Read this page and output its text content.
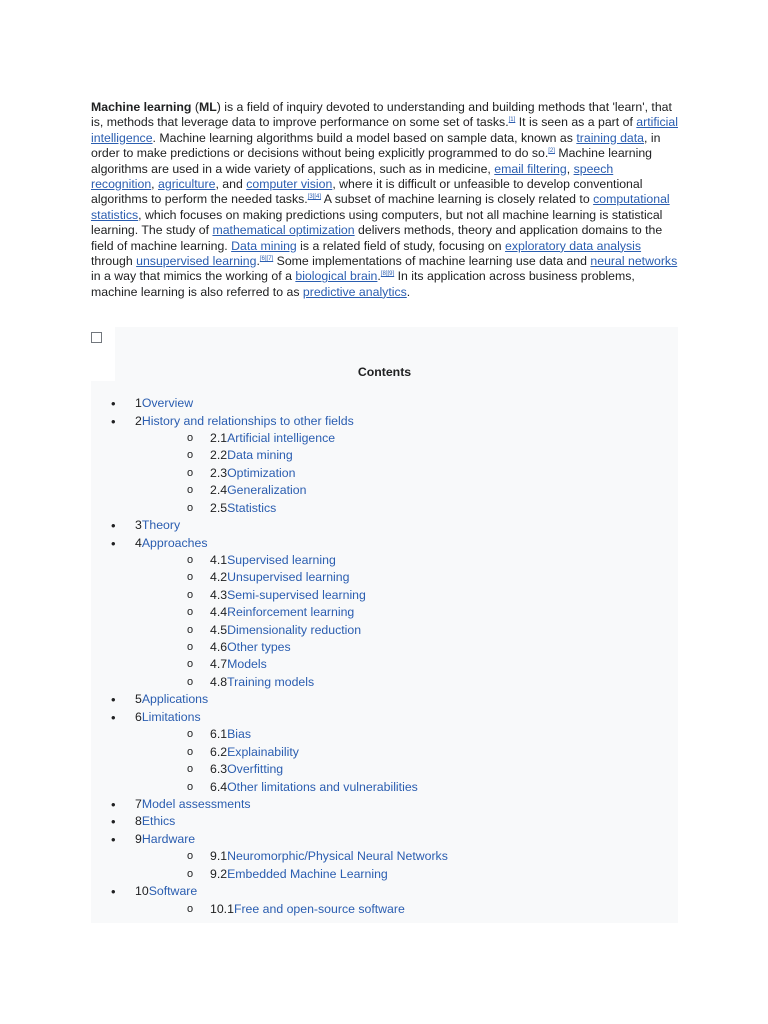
Machine learning (ML) is a field of inquiry devoted to understanding and building methods that 'learn', that is, methods that leverage data to improve performance on some set of tasks.[1] It is seen as a part of artificial intelligence. Machine learning algorithms build a model based on sample data, known as training data, in order to make predictions or decisions without being explicitly programmed to do so.[2] Machine learning algorithms are used in a wide variety of applications, such as in medicine, email filtering, speech recognition, agriculture, and computer vision, where it is difficult or unfeasible to develop conventional algorithms to perform the needed tasks.[3][4] A subset of machine learning is closely related to computational statistics, which focuses on making predictions using computers, but not all machine learning is statistical learning. The study of mathematical optimization delivers methods, theory and application domains to the field of machine learning. Data mining is a related field of study, focusing on exploratory data analysis through unsupervised learning.[6][7] Some implementations of machine learning use data and neural networks in a way that mimics the working of a biological brain.[8][9] In its application across business problems, machine learning is also referred to as predictive analytics.

Contents
• 1Overview
• 2History and relationships to other fields
o 2.1Artificial intelligence
o 2.2Data mining
o 2.3Optimization
o 2.4Generalization
o 2.5Statistics
• 3Theory
• 4Approaches
o 4.1Supervised learning
o 4.2Unsupervised learning
o 4.3Semi-supervised learning
o 4.4Reinforcement learning
o 4.5Dimensionality reduction
o 4.6Other types
o 4.7Models
o 4.8Training models
• 5Applications
• 6Limitations
o 6.1Bias
o 6.2Explainability
o 6.3Overfitting
o 6.4Other limitations and vulnerabilities
• 7Model assessments
• 8Ethics
• 9Hardware
o 9.1Neuromorphic/Physical Neural Networks
o 9.2Embedded Machine Learning
• 10Software
o 10.1Free and open-source software
